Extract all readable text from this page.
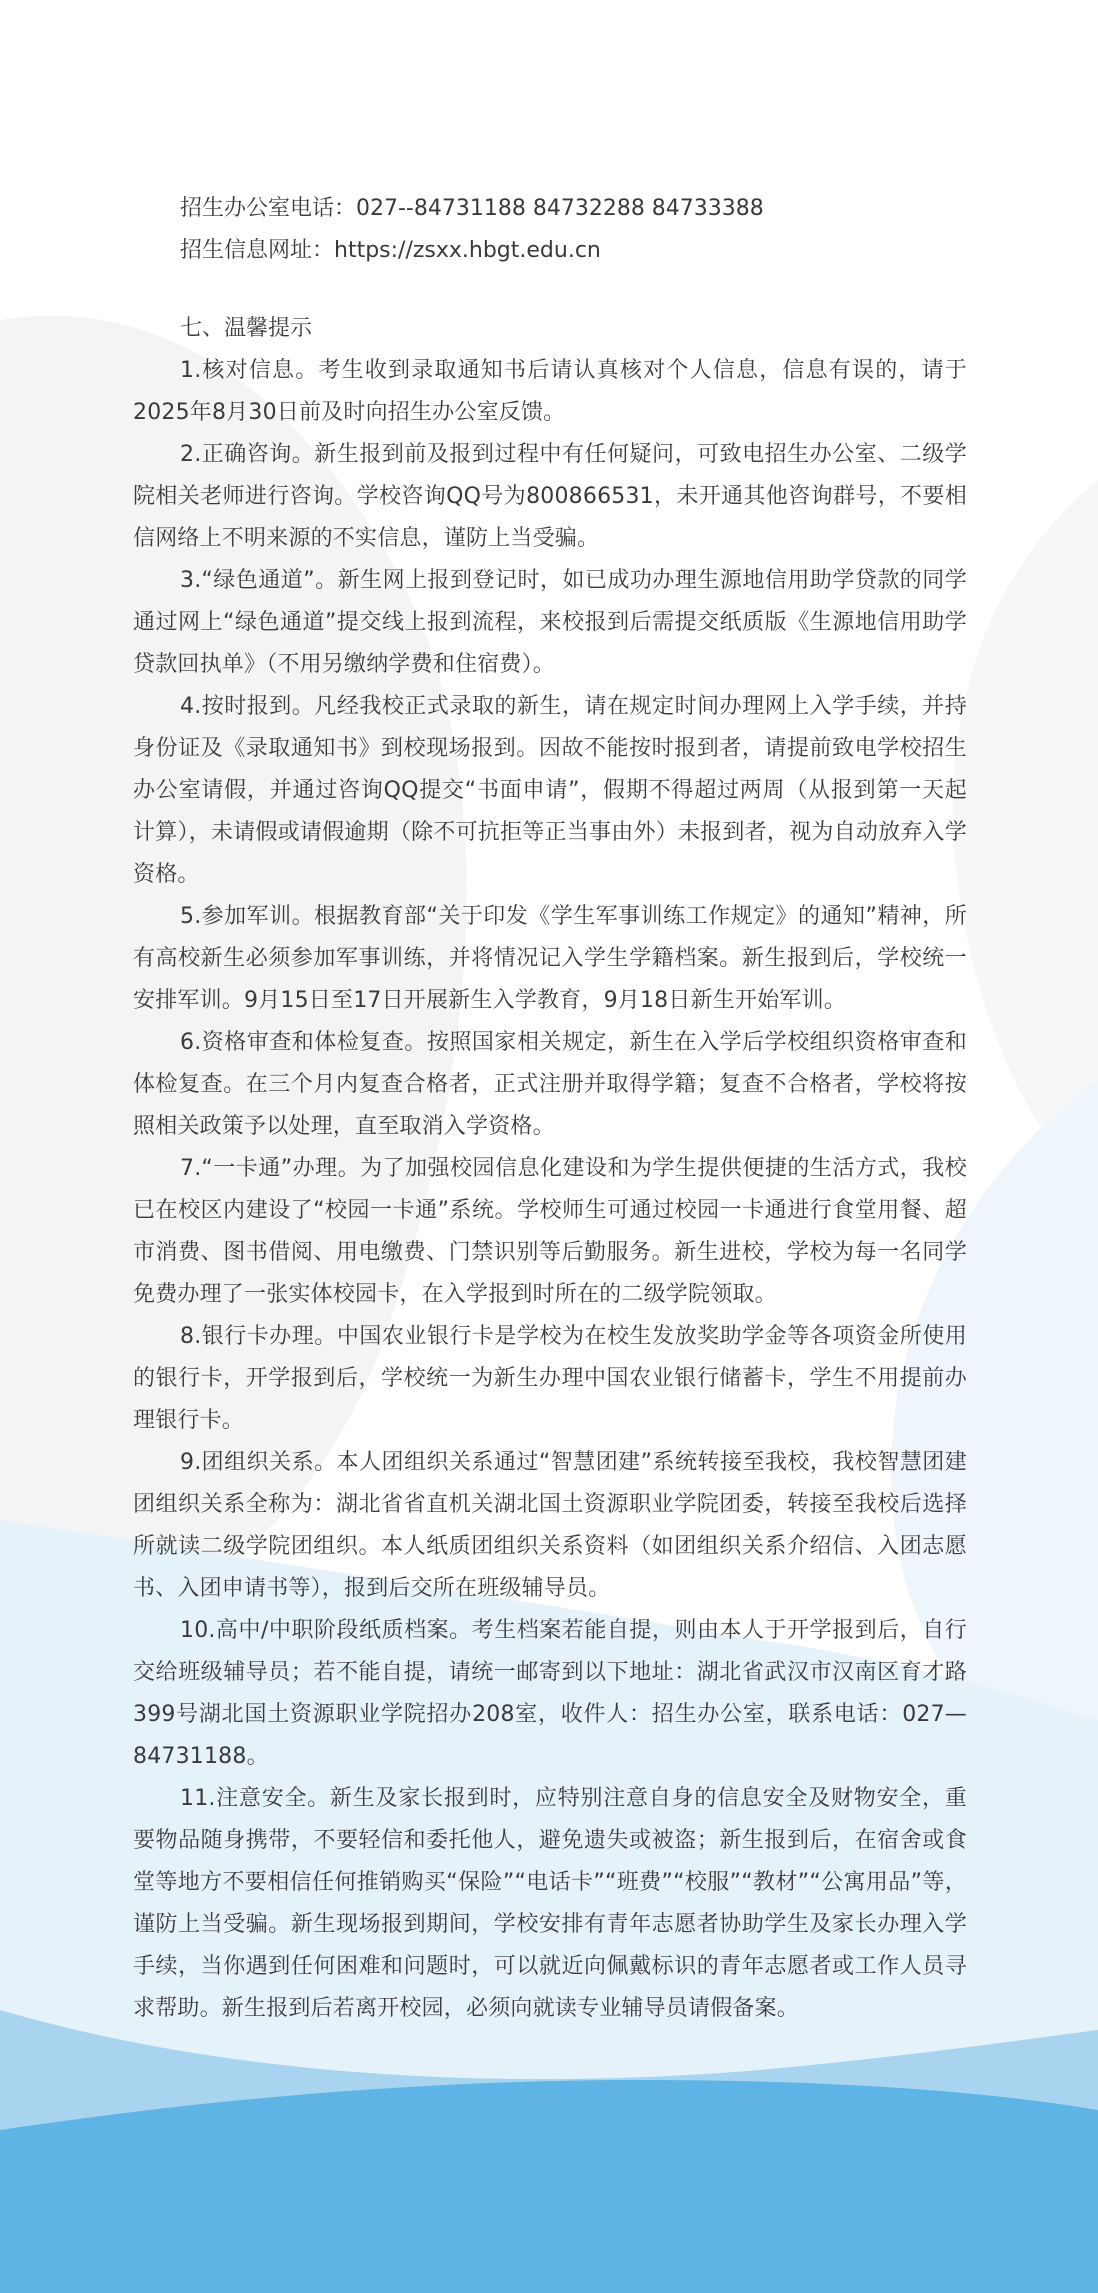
招生办公室电话：027--84731188 84732288 84733388

招生信息网址：https://zsxx.hbgt.edu.cn

七、温馨提示

1.核对信息。考生收到录取通知书后请认真核对个人信息，信息有误的，请于2025年8月30日前及时向招生办公室反馈。

2.正确咨询。新生报到前及报到过程中有任何疑问，可致电招生办公室、二级学院相关老师进行咨询。学校咨询QQ号为800866531，未开通其他咨询群号，不要相信网络上不明来源的不实信息，谨防上当受骗。

3.“绿色通道”。新生网上报到登记时，如已成功办理生源地信用助学贷款的同学通过网上“绿色通道”提交线上报到流程，来校报到后需提交纸质版《生源地信用助学贷款回执单》（不用另缴纳学费和住宿费）。

4.按时报到。凡经我校正式录取的新生，请在规定时间办理网上入学手续，并持身份证及《录取通知书》到校现场报到。因故不能按时报到者，请提前致电学校招生办公室请假，并通过咨询QQ提交“书面申请”，假期不得超过两周（从报到第一天起计算），未请假或请假逾期（除不可抗拒等正当事由外）未报到者，视为自动放弃入学资格。

5.参加军训。根据教育部“关于印发《学生军事训练工作规定》的通知”精神，所有高校新生必须参加军事训练，并将情况记入学生学籍档案。新生报到后，学校统一安排军训。9月15日至17日开展新生入学教育，9月18日新生开始军训。

6.资格审查和体检复查。按照国家相关规定，新生在入学后学校组织资格审查和体检复查。在三个月内复查合格者，正式注册并取得学籍；复查不合格者，学校将按照相关政策予以处理，直至取消入学资格。

7.“一卡通”办理。为了加强校园信息化建设和为学生提供便捷的生活方式，我校已在校区内建设了“校园一卡通”系统。学校师生可通过校园一卡通进行食堂用餐、超市消费、图书借阅、用电缴费、门禁识别等后勤服务。新生进校，学校为每一名同学免费办理了一张实体校园卡，在入学报到时所在的二级学院领取。

8.银行卡办理。中国农业银行卡是学校为在校生发放奖助学金等各项资金所使用的银行卡，开学报到后，学校统一为新生办理中国农业银行储蓄卡，学生不用提前办理银行卡。

9.团组织关系。本人团组织关系通过“智慧团建”系统转接至我校，我校智慧团建团组织关系全称为：湖北省省直机关湖北国土资源职业学院团委，转接至我校后选择所就读二级学院团组织。本人纸质团组织关系资料（如团组织关系介绍信、入团志愿书、入团申请书等），报到后交所在班级辅导员。

10.高中/中职阶段纸质档案。考生档案若能自提，则由本人于开学报到后，自行交给班级辅导员；若不能自提，请统一邮寄到以下地址：湖北省武汉市汉南区育才路399号湖北国土资源职业学院招办208室，收件人：招生办公室，联系电话：027—84731188。

11.注意安全。新生及家长报到时，应特别注意自身的信息安全及财物安全，重要物品随身携带，不要轻信和委托他人，避免遗失或被盗；新生报到后，在宿舍或食堂等地方不要相信任何推销购买“保险”“电话卡”“班费”“校服”“教材”“公寓用品”等，谨防上当受骗。新生现场报到期间，学校安排有青年志愿者协助学生及家长办理入学手续，当你遇到任何困难和问题时，可以就近向佩戴标识的青年志愿者或工作人员寻求帮助。新生报到后若离开校园，必须向就读专业辅导员请假备案。
